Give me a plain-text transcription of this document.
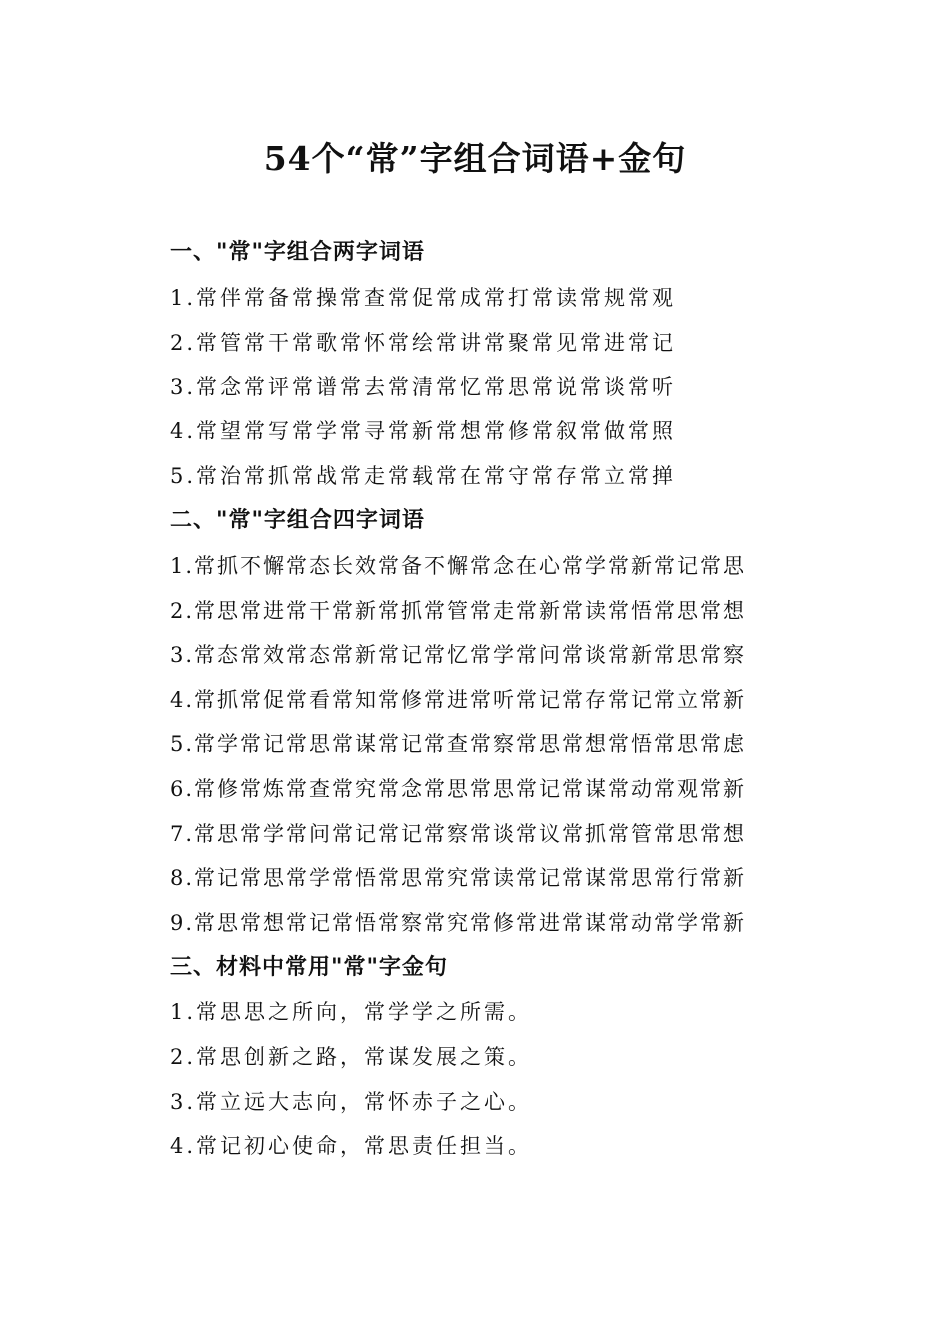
54个“常”字组合词语+金句
一、"常"字组合两字词语
1.常伴常备常操常查常促常成常打常读常规常观
2.常管常干常歌常怀常绘常讲常聚常见常进常记
3.常念常评常谱常去常清常忆常思常说常谈常听
4.常望常写常学常寻常新常想常修常叙常做常照
5.常治常抓常战常走常载常在常守常存常立常掸
二、"常"字组合四字词语
1.常抓不懈常态长效常备不懈常念在心常学常新常记常思
2.常思常进常干常新常抓常管常走常新常读常悟常思常想
3.常态常效常态常新常记常忆常学常问常谈常新常思常察
4.常抓常促常看常知常修常进常听常记常存常记常立常新
5.常学常记常思常谋常记常查常察常思常想常悟常思常虑
6.常修常炼常查常究常念常思常思常记常谋常动常观常新
7.常思常学常问常记常记常察常谈常议常抓常管常思常想
8.常记常思常学常悟常思常究常读常记常谋常思常行常新
9.常思常想常记常悟常察常究常修常进常谋常动常学常新
三、材料中常用"常"字金句
1.常思思之所向，常学学之所需。
2.常思创新之路，常谋发展之策。
3.常立远大志向，常怀赤子之心。
4.常记初心使命，常思责任担当。
